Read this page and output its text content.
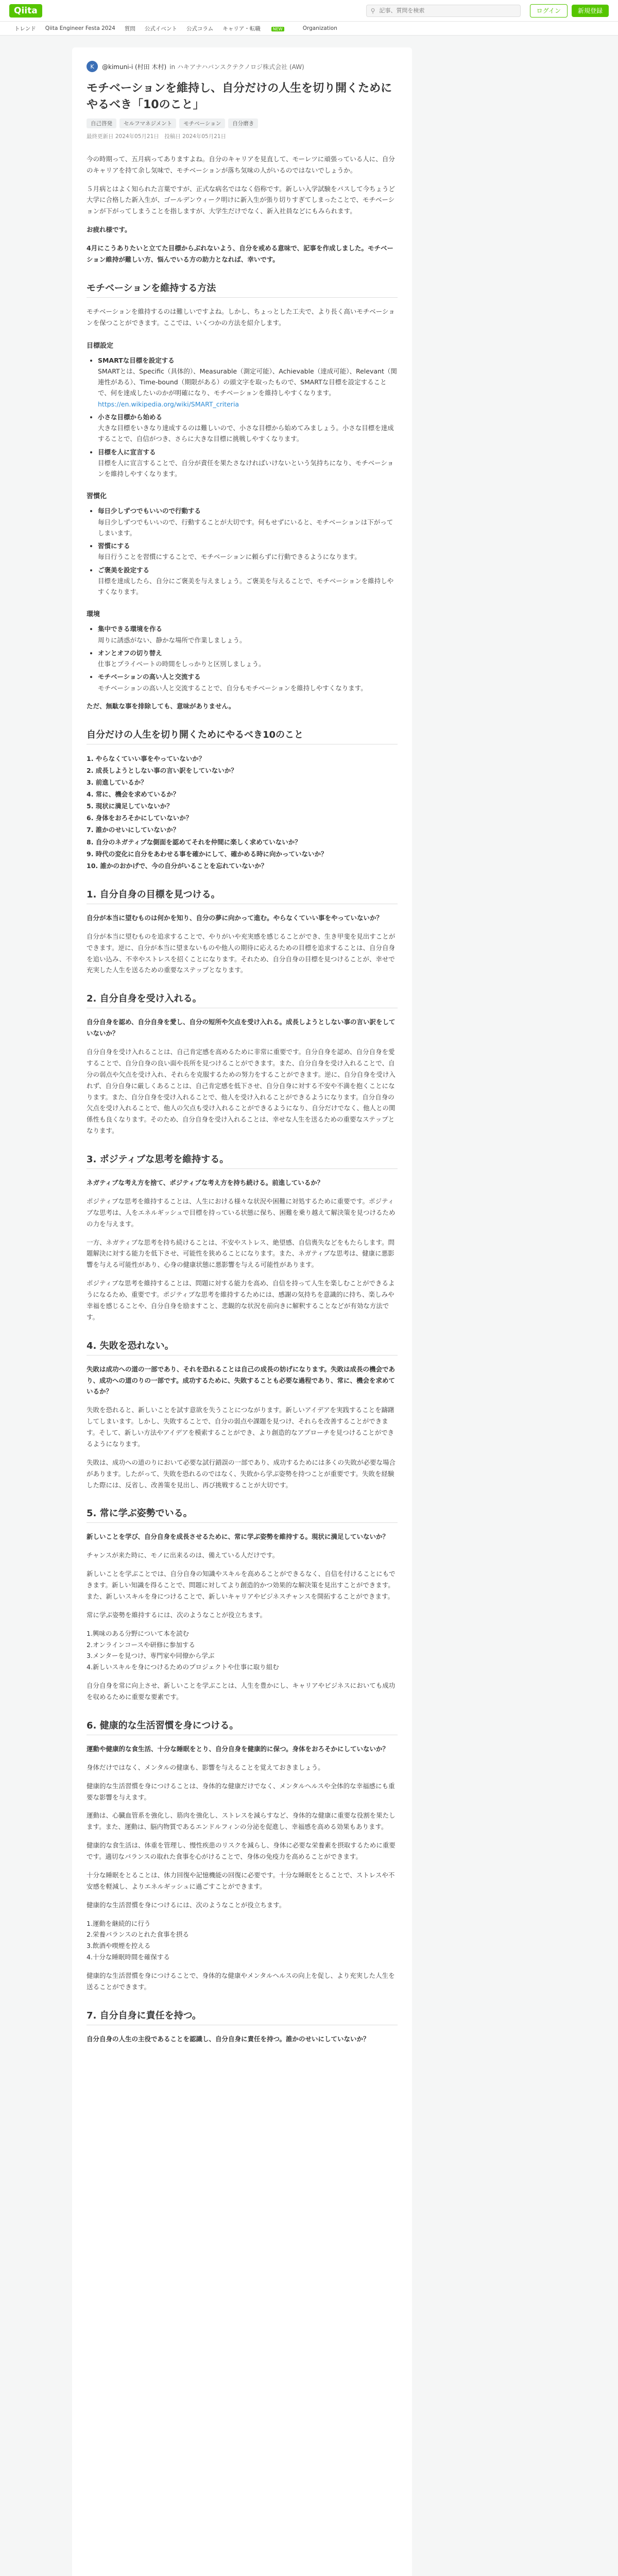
Qiita	⚲
記事、質問を検索	ログイン	新規登録
トレンド Qiita Engineer Festa 2024 質問 公式イベント 公式コラム キャリア・転職	NEW	Organization
K	@kimuni-i (村田 木村) in ハキアナハバンスクテクノロジ株式会社 (AW)
モチベーションを維持し、自分だけの人生を切り開くためにやるべき「10のこと」
自己啓発	セルフマネジメント	モチベーション	自分磨き
最終更新日 2024年05月21日　投稿日 2024年05月21日

今の時期って、五月病ってありますよね。自分のキャリアを見直して、モーレツに頑張っている人に、自分のキャリアを持て余し気味で、モチベーションが落ち気味の人がいるのではないでしょうか。

５月病とはよく知られた言葉ですが、正式な病名ではなく俗称です。新しい入学試験をパスして今ちょうど大学に合格した新入生が、ゴールデンウィーク明けに新入生が張り切りすぎてしまったことで、モチベーションが下がってしまうことを指しますが、大学生だけでなく、新入社員などにもみられます。

お疲れ様です。

4月にこうありたいと立てた目標からぶれないよう、自分を戒める意味で、記事を作成しました。モチベーション維持が難しい方、悩んでいる方の助力となれば、幸いです。

モチベーションを維持する方法

モチベーションを維持するのは難しいですよね。しかし、ちょっとした工夫で、より長く高いモチベーションを保つことができます。ここでは、いくつかの方法を紹介します。

目標設定
• SMARTな目標を設定する
SMARTとは、Specific（具体的）、Measurable（測定可能）、Achievable（達成可能）、Relevant（関連性がある）、Time-bound（期限がある）の頭文字を取ったもので、SMARTな目標を設定することで、何を達成したいのかが明確になり、モチベーションを維持しやすくなります。
https://en.wikipedia.org/wiki/SMART_criteria
• 小さな目標から始める
大きな目標をいきなり達成するのは難しいので、小さな目標から始めてみましょう。小さな目標を達成することで、自信がつき、さらに大きな目標に挑戦しやすくなります。
• 目標を人に宣言する
目標を人に宣言することで、自分が責任を果たさなければいけないという気持ちになり、モチベーションを維持しやすくなります。
習慣化
• 毎日少しずつでもいいので行動する
毎日少しずつでもいいので、行動することが大切です。何もせずにいると、モチベーションは下がってしまいます。
• 習慣にする
毎日行うことを習慣にすることで、モチベーションに頼らずに行動できるようになります。
• ご褒美を設定する
目標を達成したら、自分にご褒美を与えましょう。ご褒美を与えることで、モチベーションを維持しやすくなります。
環境
• 集中できる環境を作る
周りに誘惑がない、静かな場所で作業しましょう。
• オンとオフの切り替え
仕事とプライベートの時間をしっかりと区別しましょう。
• モチベーションの高い人と交流する
モチベーションの高い人と交流することで、自分もモチベーションを維持しやすくなります。

ただ、無駄な事を排除しても、意味がありません。

自分だけの人生を切り開くためにやるべき10のこと
1. やらなくていい事をやっていないか？
2. 成長しようとしない事の言い訳をしていないか？
3. 前進しているか？
4. 常に、機会を求めているか？
5. 現状に満足していないか？
6. 身体をおろそかにしていないか？
7. 誰かのせいにしていないか？
8. 自分のネガティブな側面を認めてそれを仲間に楽しく求めていないか？
9. 時代の変化に自分をあわせる事を確かにして、確かめる時に向かっていないか？
10. 誰かのおかげで、今の自分がいることを忘れていないか？
1. 自分自身の目標を見つける。

自分が本当に望むものは何かを知り、自分の夢に向かって進む。やらなくていい事をやっていないか？

自分が本当に望むものを追求することで、やりがいや充実感を感じることができ、生き甲斐を見出すことができます。逆に、自分が本当に望まないものや他人の期待に応えるための目標を追求することは、自分自身を追い込み、不幸やストレスを招くことになります。それため、自分自身の目標を見つけることが、幸せで充実した人生を送るための重要なステップとなります。

2. 自分自身を受け入れる。

自分自身を認め、自分自身を愛し、自分の短所や欠点を受け入れる。成長しようとしない事の言い訳をしていないか？

自分自身を受け入れることは、自己肯定感を高めるために非常に重要です。自分自身を認め、自分自身を愛することで、自分自身の良い面や長所を見つけることができます。また、自分自身を受け入れることで、自分の弱点や欠点を受け入れ、それらを克服するための努力をすることができます。逆に、自分自身を受け入れず、自分自身に厳しくあることは、自己肯定感を低下させ、自分自身に対する不安や不満を抱くことになります。また、自分自身を受け入れることで、他人を受け入れることができるようになります。自分自身の欠点を受け入れることで、他人の欠点も受け入れることができるようになり、自分だけでなく、他人との関係性も良くなります。そのため、自分自身を受け入れることは、幸せな人生を送るための重要なステップとなります。

3. ポジティブな思考を維持する。

ネガティブな考え方を捨て、ポジティブな考え方を持ち続ける。前進しているか？

ポジティブな思考を維持することは、人生における様々な状況や困難に対処するために重要です。ポジティブな思考は、人をエネルギッシュで目標を持っている状態に保ち、困難を乗り越えて解決策を見つけるための力を与えます。

一方、ネガティブな思考を持ち続けることは、不安やストレス、絶望感、自信喪失などをもたらします。問題解決に対する能力を低下させ、可能性を狭めることになります。また、ネガティブな思考は、健康に悪影響を与える可能性があり、心身の健康状態に悪影響を与える可能性があります。

ポジティブな思考を維持することは、問題に対する能力を高め、自信を持って人生を楽しむことができるようになるため、重要です。ポジティブな思考を維持するためには、感謝の気持ちを意識的に持ち、楽しみや幸福を感じることや、自分自身を励ますこと、悲観的な状況を前向きに解釈することなどが有効な方法です。

4. 失敗を恐れない。

失敗は成功への道の一部であり、それを恐れることは自己の成長の妨げになります。失敗は成長の機会であり、成功への道のりの一部です。成功するために、失敗することも必要な過程であり、常に、機会を求めているか？

失敗を恐れると、新しいことを試す意欲を失うことにつながります。新しいアイデアを実践することを躊躇してしまいます。しかし、失敗することで、自分の弱点や課題を見つけ、それらを改善することができます。そして、新しい方法やアイデアを模索することができ、より創造的なアプローチを見つけることができるようになります。

失敗は、成功への道のりにおいて必要な試行錯誤の一部であり、成功するためには多くの失敗が必要な場合があります。したがって、失敗を恐れるのではなく、失敗から学ぶ姿勢を持つことが重要です。失敗を経験した際には、反省し、改善策を見出し、再び挑戦することが大切です。

5. 常に学ぶ姿勢でいる。

新しいことを学び、自分自身を成長させるために、常に学ぶ姿勢を維持する。現状に満足していないか？

チャンスが来た時に、モノに出来るのは、備えている人だけです。

新しいことを学ぶことでは、自分自身の知識やスキルを高めることができるなく、自信を付けることにもできます。新しい知識を得ることで、問題に対してより創造的かつ効果的な解決策を見出すことができます。また、新しいスキルを身につけることで、新しいキャリアやビジネスチャンスを開拓することができます。

常に学ぶ姿勢を維持するには、次のようなことが役立ちます。

1.興味のある分野について本を読む
2.オンラインコースや研修に参加する
3.メンターを見つけ、専門家や同僚から学ぶ
4.新しいスキルを身につけるためのプロジェクトや仕事に取り組む

自分自身を常に向上させ、新しいことを学ぶことは、人生を豊かにし、キャリアやビジネスにおいても成功を収めるために重要な要素です。

6. 健康的な生活習慣を身につける。

運動や健康的な食生活、十分な睡眠をとり、自分自身を健康的に保つ。身体をおろそかにしていないか？

身体だけではなく、メンタルの健康も、影響を与えることを覚えておきましょう。

健康的な生活習慣を身につけることは、身体的な健康だけでなく、メンタルヘルスや全体的な幸福感にも重要な影響を与えます。

運動は、心臓血管系を強化し、筋肉を強化し、ストレスを減らすなど、身体的な健康に重要な役割を果たします。また、運動は、脳内物質であるエンドルフィンの分泌を促進し、幸福感を高める効果もあります。

健康的な食生活は、体重を管理し、慢性疾患のリスクを減らし、身体に必要な栄養素を摂取するために重要です。適切なバランスの取れた食事を心がけることで、身体の免疫力を高めることができます。

十分な睡眠をとることは、体力回復や記憶機能の回復に必要です。十分な睡眠をとることで、ストレスや不安感を軽減し、よりエネルギッシュに過ごすことができます。

健康的な生活習慣を身につけるには、次のようなことが役立ちます。

1.運動を継続的に行う
2.栄養バランスのとれた食事を摂る
3.飲酒や喫煙を控える
4.十分な睡眠時間を確保する

健康的な生活習慣を身につけることで、身体的な健康やメンタルヘルスの向上を促し、より充実した人生を送ることができます。

7. 自分自身に責任を持つ。

自分自身の人生の主役であることを認識し、自分自身に責任を持つ。誰かのせいにしていないか？
